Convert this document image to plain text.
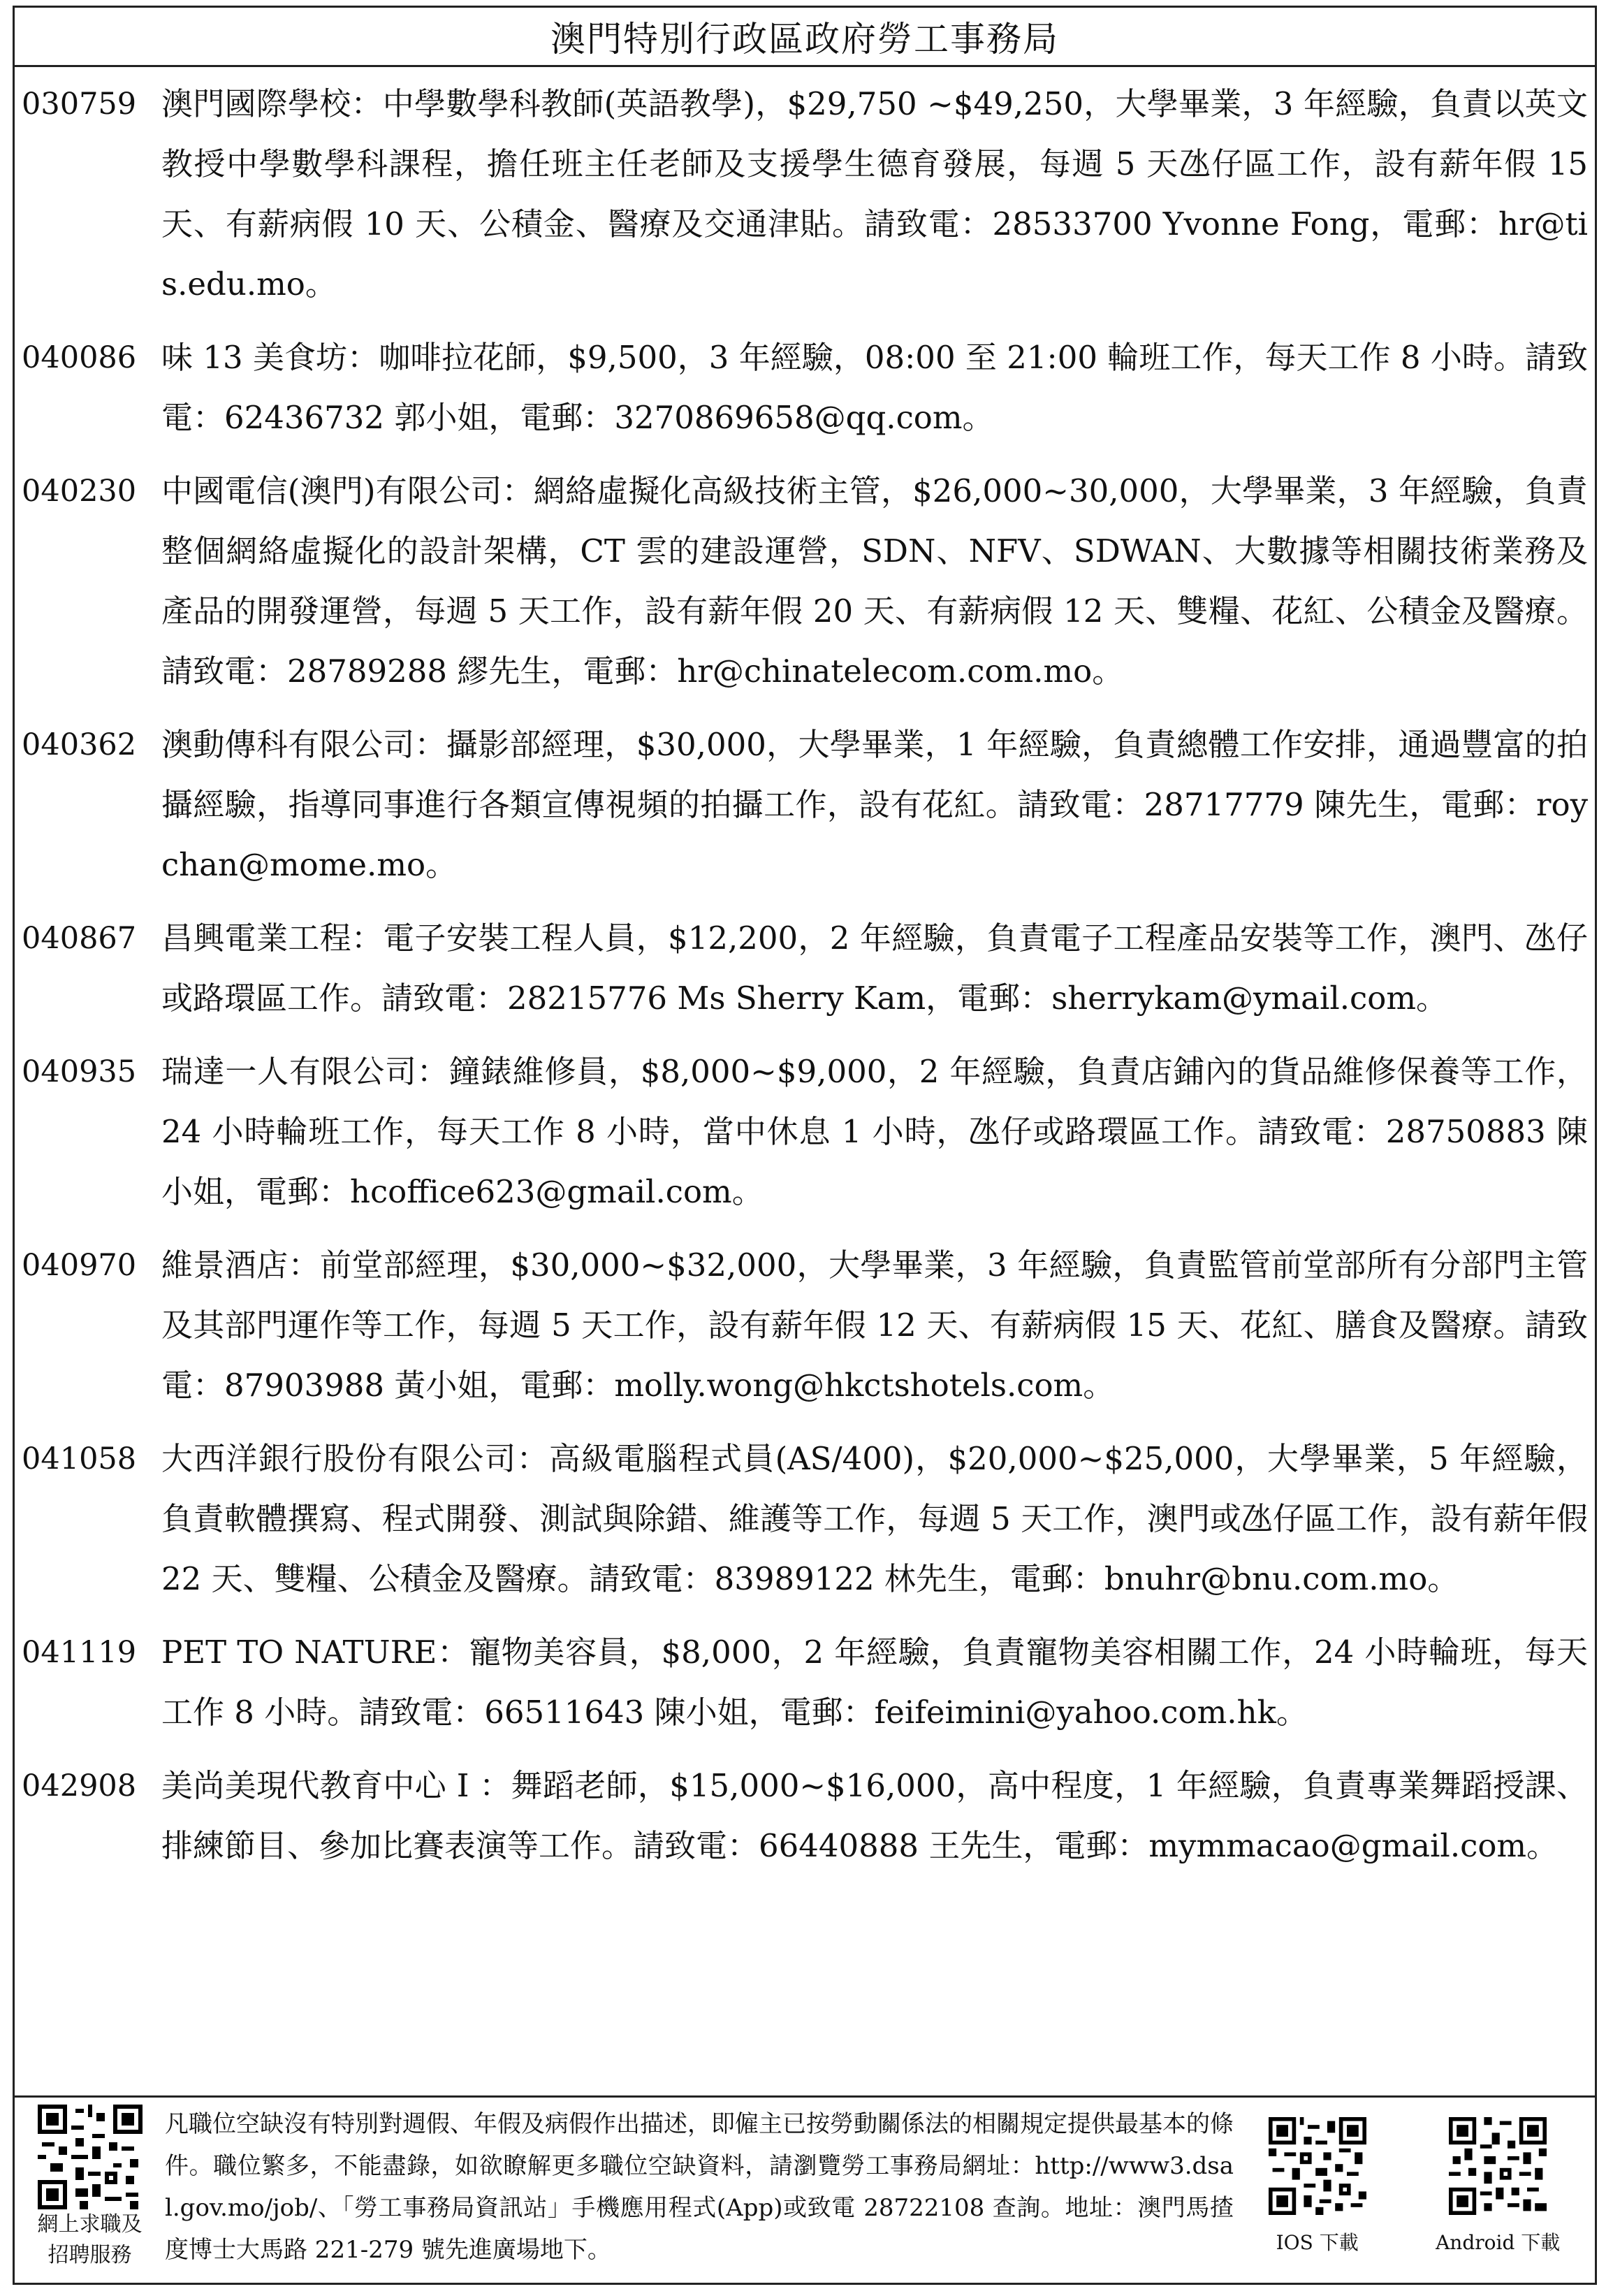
澳門特別行政區政府勞工事務局
030759 澳門國際學校：中學數學科教師(英語教學)，$29,750 ~$49,250，大學畢業，3 年經驗，負責以英文教授中學數學科課程，擔任班主任老師及支援學生德育發展，每週 5 天氹仔區工作，設有薪年假 15 天、有薪病假 10 天、公積金、醫療及交通津貼。請致電：28533700 Yvonne Fong，電郵：hr@tis.edu.mo。
040086 味 13 美食坊：咖啡拉花師，$9,500，3 年經驗，08:00 至 21:00 輪班工作，每天工作 8 小時。請致電：62436732 郭小姐，電郵：3270869658@qq.com。
040230 中國電信(澳門)有限公司：網絡虛擬化高級技術主管，$26,000~30,000，大學畢業，3 年經驗，負責整個網絡虛擬化的設計架構，CT 雲的建設運營，SDN、NFV、SDWAN、大數據等相關技術業務及產品的開發運營，每週 5 天工作，設有薪年假 20 天、有薪病假 12 天、雙糧、花紅、公積金及醫療。請致電：28789288 繆先生，電郵：hr@chinatelecom.com.mo。
040362 澳動傳科有限公司：攝影部經理，$30,000，大學畢業，1 年經驗，負責總體工作安排，通過豐富的拍攝經驗，指導同事進行各類宣傳視頻的拍攝工作，設有花紅。請致電：28717779 陳先生，電郵：roychan@mome.mo。
040867 昌興電業工程：電子安裝工程人員，$12,200，2 年經驗，負責電子工程產品安裝等工作，澳門、氹仔或路環區工作。請致電：28215776 Ms Sherry Kam，電郵：sherrykam@ymail.com。
040935 瑞達一人有限公司：鐘錶維修員，$8,000~$9,000，2 年經驗，負責店鋪內的貨品維修保養等工作，24 小時輪班工作，每天工作 8 小時，當中休息 1 小時，氹仔或路環區工作。請致電：28750883 陳小姐，電郵：hcoffice623@gmail.com。
040970 維景酒店：前堂部經理，$30,000~$32,000，大學畢業，3 年經驗，負責監管前堂部所有分部門主管及其部門運作等工作，每週 5 天工作，設有薪年假 12 天、有薪病假 15 天、花紅、膳食及醫療。請致電：87903988 黃小姐，電郵：molly.wong@hkctshotels.com。
041058 大西洋銀行股份有限公司：高級電腦程式員(AS/400)，$20,000~$25,000，大學畢業，5 年經驗，負責軟體撰寫、程式開發、測試與除錯、維護等工作，每週 5 天工作，澳門或氹仔區工作，設有薪年假 22 天、雙糧、公積金及醫療。請致電：83989122 林先生，電郵：bnuhr@bnu.com.mo。
041119 PET TO NATURE：寵物美容員，$8,000，2 年經驗，負責寵物美容相關工作，24 小時輪班，每天工作 8 小時。請致電：66511643 陳小姐，電郵：feifeimini@yahoo.com.hk。
042908 美尚美現代教育中心 I ：舞蹈老師，$15,000~$16,000，高中程度，1 年經驗，負責專業舞蹈授課、排練節目、參加比賽表演等工作。請致電：66440888 王先生，電郵：mymmacao@gmail.com。
網上求職及
招聘服務
凡職位空缺沒有特別對週假、年假及病假作出描述，即僱主已按勞動關係法的相關規定提供最基本的條件。職位繁多，不能盡錄，如欲瞭解更多職位空缺資料，請瀏覽勞工事務局網址：http://www3.dsal.gov.mo/job/、「勞工事務局資訊站」手機應用程式(App)或致電 28722108 查詢。地址：澳門馬揸度博士大馬路 221-279 號先進廣場地下。	IOS 下載	Android 下載
